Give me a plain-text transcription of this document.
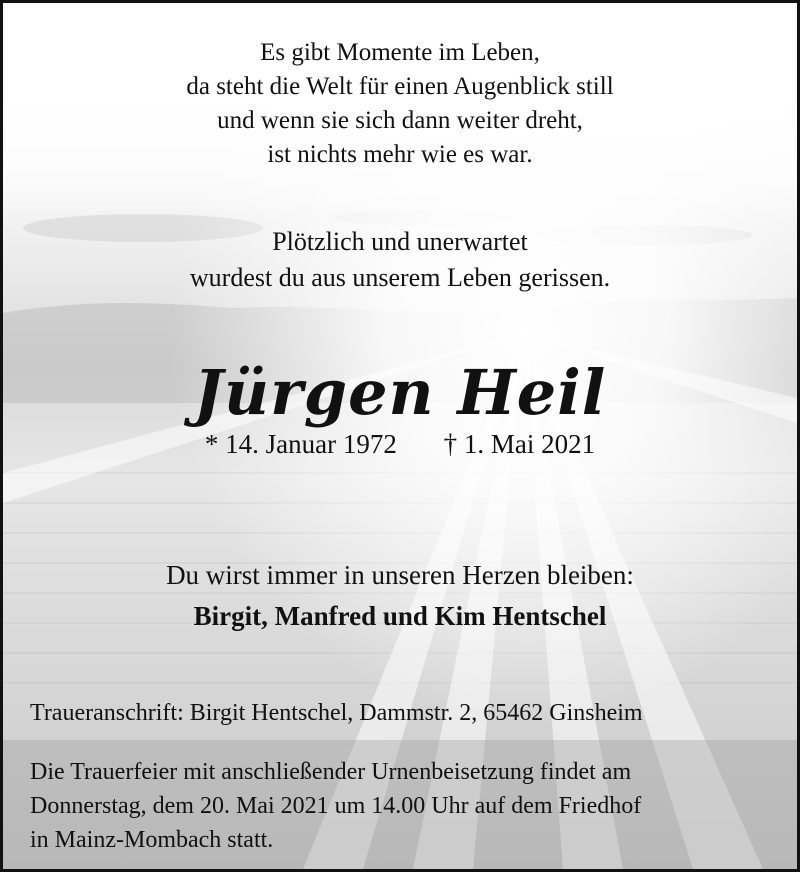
Es gibt Momente im Leben,
da steht die Welt für einen Augenblick still
und wenn sie sich dann weiter dreht,
ist nichts mehr wie es war.
Plötzlich und unerwartet
wurdest du aus unserem Leben gerissen.
Jürgen Heil
* 14. Januar 1972 † 1. Mai 2021
Du wirst immer in unseren Herzen bleiben:
Birgit, Manfred und Kim Hentschel
Traueranschrift: Birgit Hentschel, Dammstr. 2, 65462 Ginsheim
Die Trauerfeier mit anschließender Urnenbeisetzung findet am
Donnerstag, dem 20. Mai 2021 um 14.00 Uhr auf dem Friedhof
in Mainz-Mombach statt.
